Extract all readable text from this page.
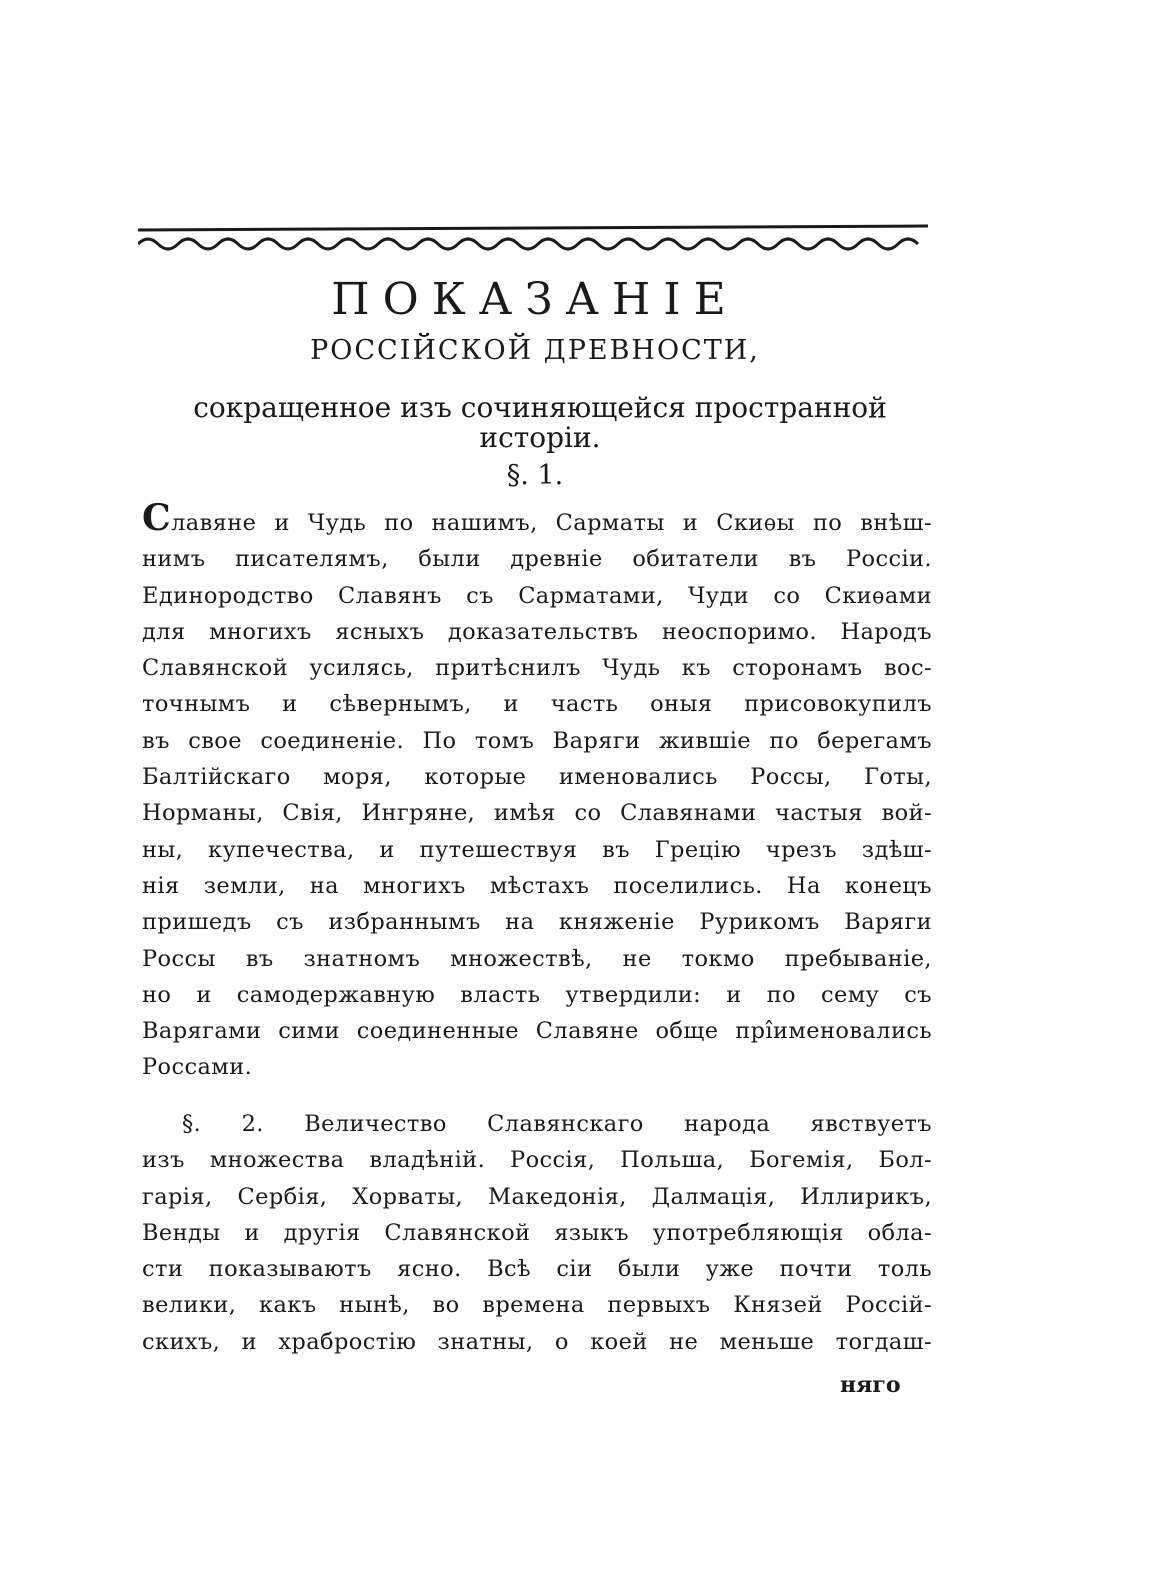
ПОКАЗАНІЕ

РОССІЙСКОЙ ДРЕВНОСТИ,

сокращенное изъ сочиняющейся пространной
исторіи.

§. 1.

Славяне и Чудь по нашимъ, Сарматы и Скиѳы по внѣш-
нимъ писателямъ, были древніе обитатели въ Россіи.
Единородство Славянъ съ Сарматами, Чуди со Скиѳами
для многихъ ясныхъ доказательствъ неоспоримо. Народъ
Славянской усилясь, притѣснилъ Чудь къ сторонамъ вос-
точнымъ и сѣвернымъ, и часть оныя присовокупилъ
въ свое соединеніе. По томъ Варяги жившіе по берегамъ
Балтійскаго моря, которые именовались Россы, Готы,
Норманы, Свія, Ингряне, имѣя со Славянами частыя вой-
ны, купечества, и путешествуя въ Грецію чрезъ здѣш-
нія земли, на многихъ мѣстахъ поселились. На конецъ
пришедъ съ избраннымъ на княженіе Рурикомъ Варяги
Россы въ знатномъ множествѣ, не токмо пребываніе,
но и самодержавную власть утвердили: и по сему съ
Варягами сими соединенные Славяне обще прîименовались
Россами.
§. 2. Величество Славянскаго народа явствуетъ
изъ множества владѣній. Россія, Польша, Богемія, Бол-
гарія, Сербія, Хорваты, Македонія, Далмація, Иллирикъ,
Венды и другія Славянской языкъ употребляющія обла-
сти показываютъ ясно. Всѣ сіи были уже почти толь
велики, какъ нынѣ, во времена первыхъ Князей Россій-
скихъ, и храбростію знатны, о коей не меньше тогдаш-

няго
